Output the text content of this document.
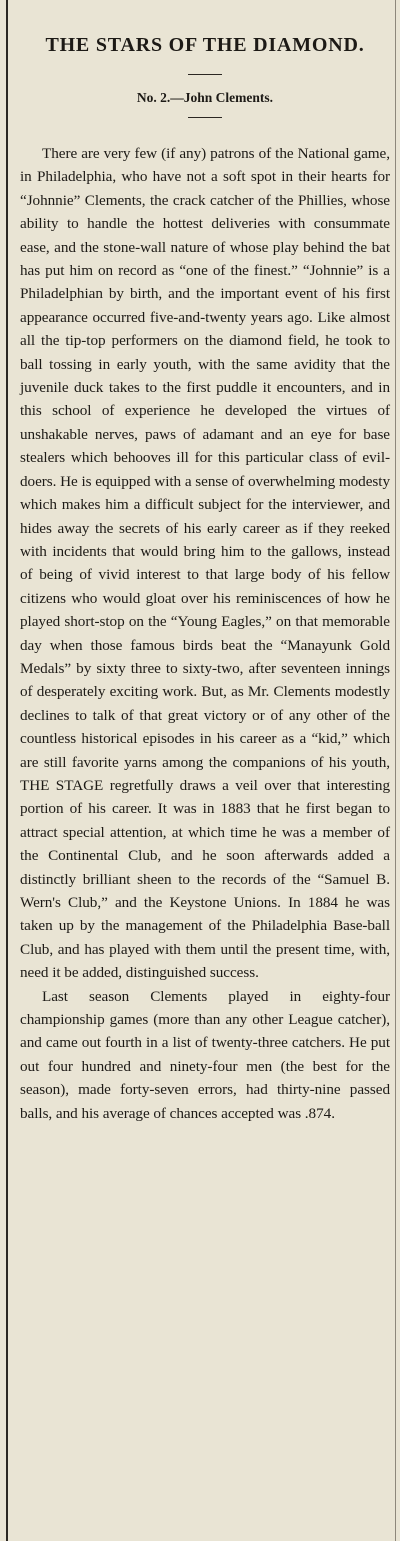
THE STARS OF THE DIAMOND.
No. 2.—John Clements.

There are very few (if any) patrons of the National game, in Philadelphia, who have not a soft spot in their hearts for “Johnnie” Clements, the crack catcher of the Phillies, whose ability to handle the hottest deliveries with consummate ease, and the stone-wall nature of whose play behind the bat has put him on record as “one of the finest.” “Johnnie” is a Philadelphian by birth, and the important event of his first appearance occurred five-and-twenty years ago. Like almost all the tip-top performers on the diamond field, he took to ball tossing in early youth, with the same avidity that the juvenile duck takes to the first puddle it encounters, and in this school of experience he developed the virtues of unshakable nerves, paws of adamant and an eye for base stealers which behooves ill for this particular class of evil-doers. He is equipped with a sense of overwhelming modesty which makes him a difficult subject for the interviewer, and hides away the secrets of his early career as if they reeked with incidents that would bring him to the gallows, instead of being of vivid interest to that large body of his fellow citizens who would gloat over his reminiscences of how he played short-stop on the “Young Eagles,” on that memorable day when those famous birds beat the “Manayunk Gold Medals” by sixty three to sixty-two, after seventeen innings of desperately exciting work. But, as Mr. Clements modestly declines to talk of that great victory or of any other of the countless historical episodes in his career as a “kid,” which are still favorite yarns among the companions of his youth, THE STAGE regretfully draws a veil over that interesting portion of his career. It was in 1883 that he first began to attract special attention, at which time he was a member of the Continental Club, and he soon afterwards added a distinctly brilliant sheen to the records of the “Samuel B. Wern's Club,” and the Keystone Unions. In 1884 he was taken up by the management of the Philadelphia Base-ball Club, and has played with them until the present time, with, need it be added, distinguished success.

Last season Clements played in eighty-four championship games (more than any other League catcher), and came out fourth in a list of twenty-three catchers. He put out four hundred and ninety-four men (the best for the season), made forty-seven errors, had thirty-nine passed balls, and his average of chances accepted was .874.
